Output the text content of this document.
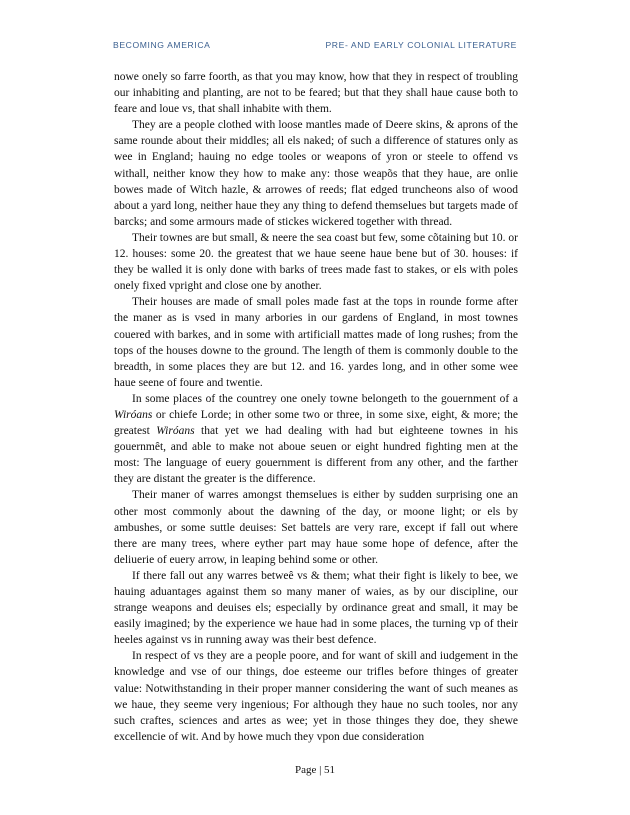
BECOMING AMERICA	PRE- AND EARLY COLONIAL LITERATURE

nowe onely so farre foorth, as that you may know, how that they in respect of troubling our inhabiting and planting, are not to be feared; but that they shall haue cause both to feare and loue vs, that shall inhabite with them.

They are a people clothed with loose mantles made of Deere skins, & aprons of the same rounde about their middles; all els naked; of such a difference of statures only as wee in England; hauing no edge tooles or weapons of yron or steele to offend vs withall, neither know they how to make any: those weapõs that they haue, are onlie bowes made of Witch hazle, & arrowes of reeds; flat edged truncheons also of wood about a yard long, neither haue they any thing to defend themselues but targets made of barcks; and some armours made of stickes wickered together with thread.

Their townes are but small, & neere the sea coast but few, some cõtaining but 10. or 12. houses: some 20. the greatest that we haue seene haue bene but of 30. houses: if they be walled it is only done with barks of trees made fast to stakes, or els with poles onely fixed vpright and close one by another.

Their houses are made of small poles made fast at the tops in rounde forme after the maner as is vsed in many arbories in our gardens of England, in most townes couered with barkes, and in some with artificiall mattes made of long rushes; from the tops of the houses downe to the ground. The length of them is commonly double to the breadth, in some places they are but 12. and 16. yardes long, and in other some wee haue seene of foure and twentie.

In some places of the countrey one onely towne belongeth to the gouernment of a Wiróans or chiefe Lorde; in other some two or three, in some sixe, eight, & more; the greatest Wiróans that yet we had dealing with had but eighteene townes in his gouernmêt, and able to make not aboue seuen or eight hundred fighting men at the most: The language of euery gouernment is different from any other, and the farther they are distant the greater is the difference.

Their maner of warres amongst themselues is either by sudden surprising one an other most commonly about the dawning of the day, or moone light; or els by ambushes, or some suttle deuises: Set battels are very rare, except if fall out where there are many trees, where eyther part may haue some hope of defence, after the deliuerie of euery arrow, in leaping behind some or other.

If there fall out any warres betweê vs & them; what their fight is likely to bee, we hauing aduantages against them so many maner of waies, as by our discipline, our strange weapons and deuises els; especially by ordinance great and small, it may be easily imagined; by the experience we haue had in some places, the turning vp of their heeles against vs in running away was their best defence.

In respect of vs they are a people poore, and for want of skill and iudgement in the knowledge and vse of our things, doe esteeme our trifles before thinges of greater value: Notwithstanding in their proper manner considering the want of such meanes as we haue, they seeme very ingenious; For although they haue no such tooles, nor any such craftes, sciences and artes as wee; yet in those thinges they doe, they shewe excellencie of wit. And by howe much they vpon due consideration

Page | 51
